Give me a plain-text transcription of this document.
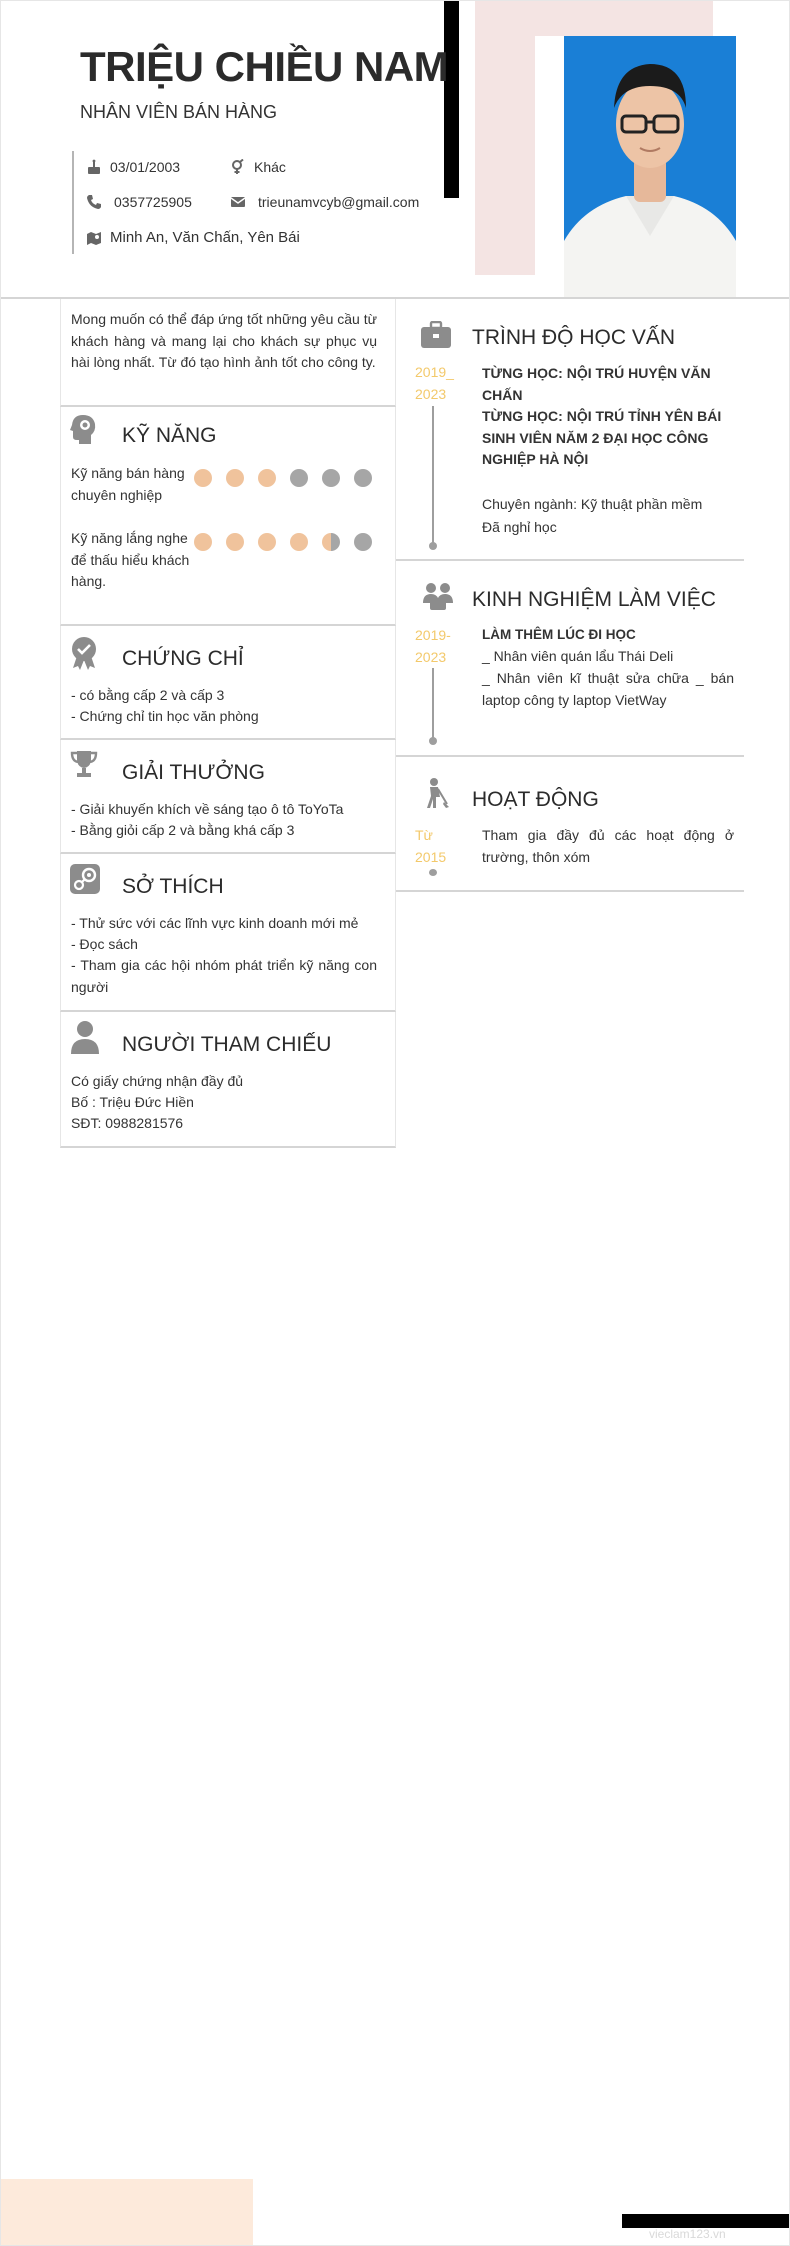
TRIỆU CHIỀU NAM
NHÂN VIÊN BÁN HÀNG
03/01/2003	Khác
0357725905	trieunamvcyb@gmail.com
Minh An, Văn Chấn, Yên Bái
Mong muốn có thể đáp ứng tốt những yêu cầu từ khách hàng và mang lại cho khách sự phục vụ hài lòng nhất. Từ đó tạo hình ảnh tốt cho công ty.
KỸ NĂNG
Kỹ năng bán hàng chuyên nghiệp
Kỹ năng lắng nghe để thấu hiểu khách hàng.
CHỨNG CHỈ
- có bằng cấp 2 và cấp 3
- Chứng chỉ tin học văn phòng
GIẢI THƯỞNG
- Giải khuyến khích về sáng tạo ô tô ToYoTa
- Bằng giỏi cấp 2 và bằng khá cấp 3
SỞ THÍCH
- Thử sức với các lĩnh vực kinh doanh mới mẻ
- Đọc sách
- Tham gia các hội nhóm phát triển kỹ năng con người
NGƯỜI THAM CHIẾU
Có giấy chứng nhận đầy đủ
Bố : Triệu Đức Hiền
SĐT: 0988281576
TRÌNH ĐỘ HỌC VẤN
2019_ 2023
TỪNG HỌC: NỘI TRÚ HUYỆN VĂN CHẤN
TỪNG HỌC: NỘI TRÚ TỈNH YÊN BÁI SINH VIÊN NĂM 2 ĐẠI HỌC CÔNG NGHIỆP HÀ NỘI
Chuyên ngành: Kỹ thuật phần mềm
Đã nghỉ học
KINH NGHIỆM LÀM VIỆC
2019- 2023
LÀM THÊM LÚC ĐI HỌC
_ Nhân viên quán lẩu Thái Deli
_ Nhân viên kĩ thuật sửa chữa _ bán laptop công ty laptop VietWay
HOẠT ĐỘNG
Từ 2015
Tham gia đầy đủ các hoạt động ở trường, thôn xóm
vieclam123.vn
